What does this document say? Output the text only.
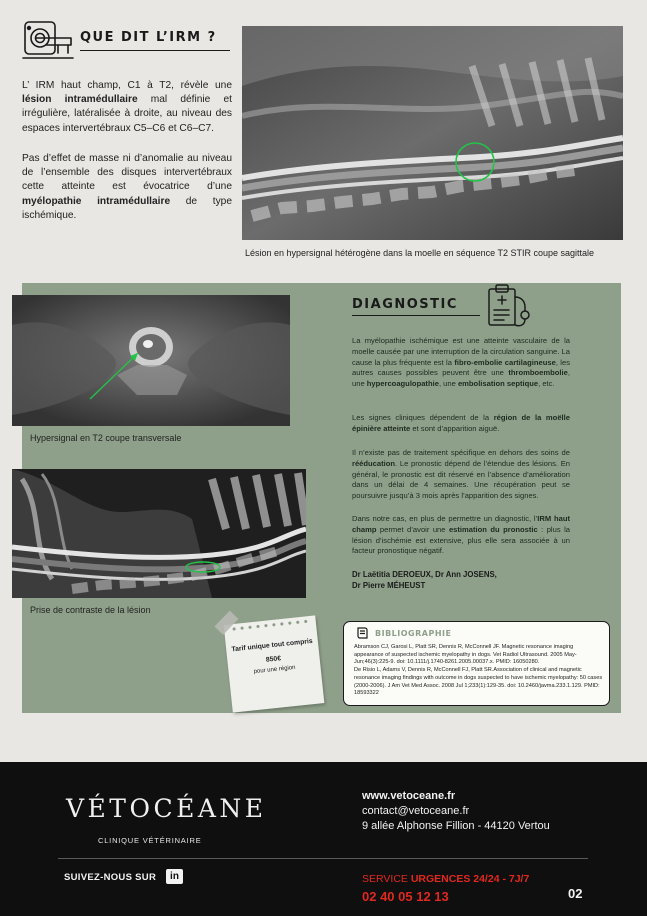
QUE DIT L’IRM ?

L’ IRM haut champ, C1 à T2, révèle une lésion intramédullaire mal définie et irrégulière, latéralisée à droite, au niveau des espaces intervertébraux C5–C6 et C6–C7.

Pas d’effet de masse ni d’anomalie au niveau de l’ensemble des disques intervertébraux cette atteinte est évocatrice d’une myélopathie intramédullaire de type ischémique.

Lésion en hypersignal hétérogène dans la moelle en séquence T2 STIR coupe sagittale
Hypersignal en T2 coupe transversale
Prise de contraste de la lésion
DIAGNOSTIC

La myélopathie ischémique est une atteinte vasculaire de la moelle causée par une interruption de la circulation sanguine. La cause la plus fréquente est la fibro-embolie cartilagineuse, les autres causes possibles peuvent être une thromboembolie, une hypercoagulopathie, une embolisation septique, etc.

Les signes cliniques dépendent de la région de la moëlle épinière atteinte et sont d’apparition aiguë.

Il n’existe pas de traitement spécifique en dehors des soins de rééducation. Le pronostic dépend de l’étendue des lésions. En général, le pronostic est dit réservé en l’absence d’amélioration dans un délai de 4 semaines. Une récupération peut se poursuivre jusqu’à 3 mois après l’apparition des signes.

Dans notre cas, en plus de permettre un diagnostic, l’IRM haut champ permet d’avoir une estimation du pronostic : plus la lésion d’ischémie est extensive, plus elle sera associée à un facteur pronostique négatif.

Dr Laëtitia DEROEUX, Dr Ann JOSENS,
Dr Pierre MÉHEUST
Tarif unique tout compris
850€
pour une région
BIBLIOGRAPHIE
Abramson CJ, Garosi L, Platt SR, Dennis R, McConnell JF. Magnetic resonance imaging appearance of suspected ischemic myelopathy in dogs. Vet Radiol Ultrasound. 2005 May-Jun;46(3):225-9. doi: 10.1111/j.1740-8261.2005.00037.x. PMID: 16050280.
De Risio L, Adams V, Dennis R, McConnell FJ, Platt SR.Association of clinical and magnetic resonance imaging findings with outcome in dogs suspected to have ischemic myelopathy: 50 cases (2000-2006). J Am Vet Med Assoc. 2008 Jul 1;233(1):129-35. doi: 10.2460/javma.233.1.129. PMID: 18593322
VÉTOCÉANE
CLINIQUE VÉTÉRINAIRE
SUIVEZ-NOUS SUR	in
www.vetoceane.fr
contact@vetoceane.fr
9 allée Alphonse Fillion - 44120 Vertou
SERVICE URGENCES 24/24 - 7J/7
02 40 05 12 13	02
